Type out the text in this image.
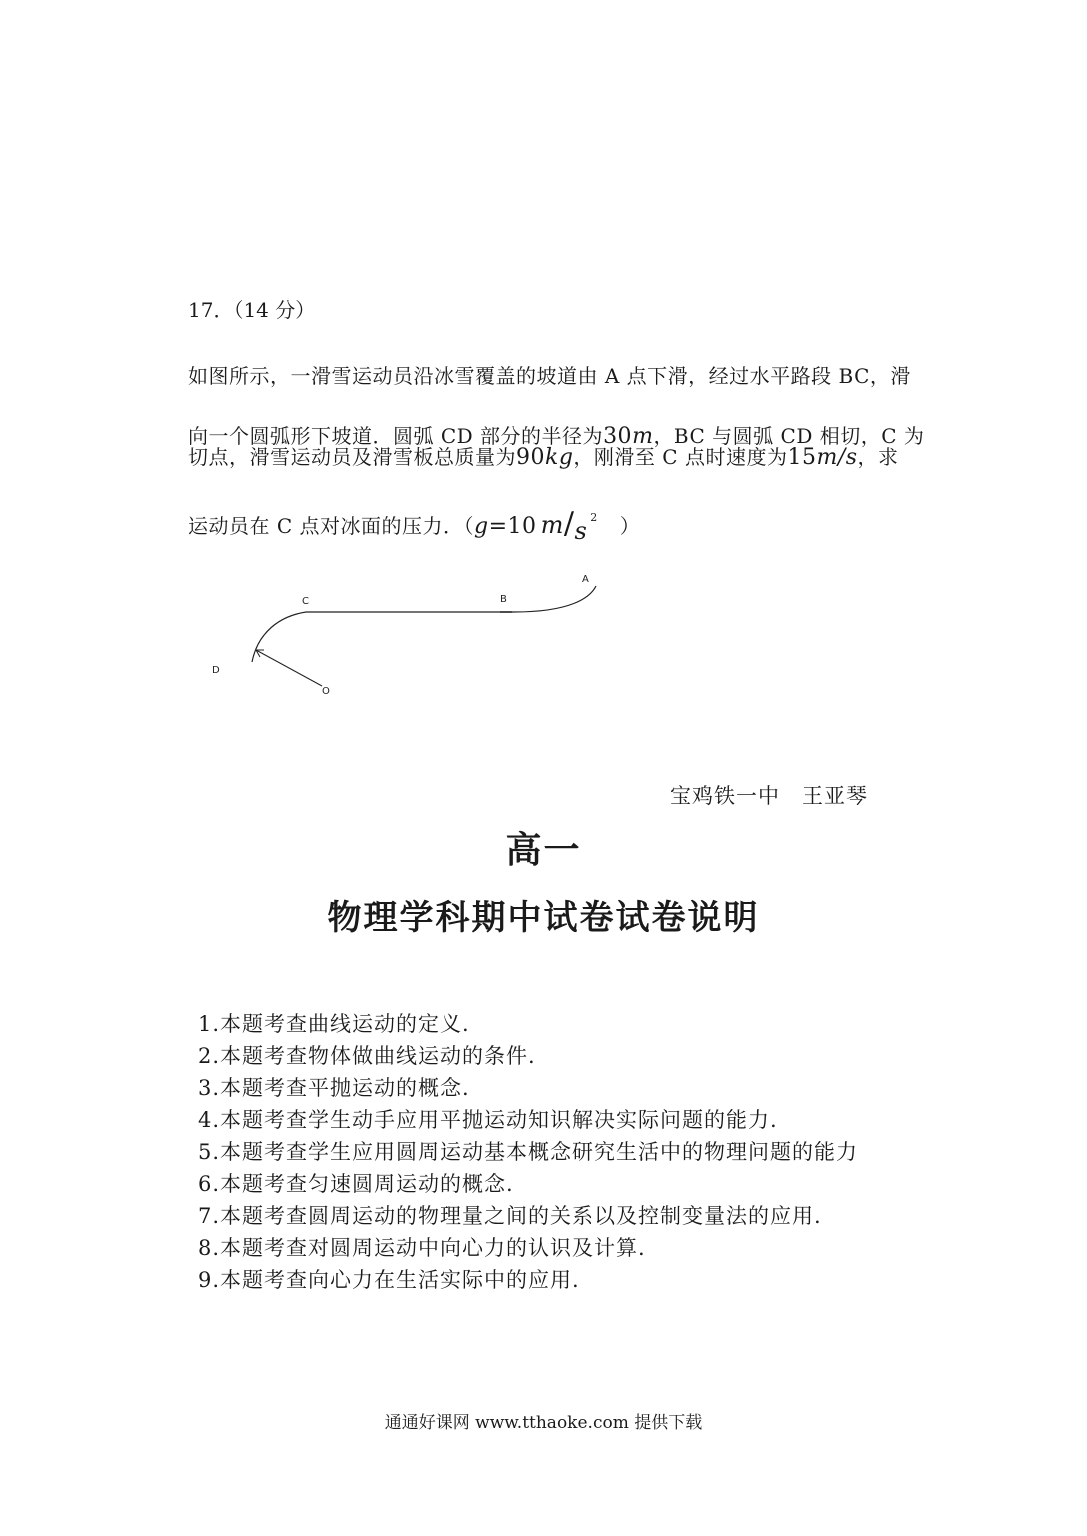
17．（14 分）
如图所示，一滑雪运动员沿冰雪覆盖的坡道由 A 点下滑，经过水平路段 BC，滑
向一个圆弧形下坡道．圆弧 CD 部分的半径为30m，BC 与圆弧 CD 相切，C 为
切点，滑雪运动员及滑雪板总质量为90kg，刚滑至 C 点时速度为15m/s，求
运动员在 C 点对冰面的压力．（g=10 m/s $^2$ ）
A
B
C
D
O
宝鸡铁一中　王亚琴
高一
物理学科期中试卷试卷说明
1. 本题考查曲线运动的定义.
2. 本题考查物体做曲线运动的条件.
3. 本题考查平抛运动的概念.
4. 本题考查学生动手应用平抛运动知识解决实际问题的能力.
5. 本题考查学生应用圆周运动基本概念研究生活中的物理问题的能力
6. 本题考查匀速圆周运动的概念.
7. 本题考查圆周运动的物理量之间的关系以及控制变量法的应用.
8. 本题考查对圆周运动中向心力的认识及计算.
9. 本题考查向心力在生活实际中的应用.
通通好课网 www.tthaoke.com 提供下载
